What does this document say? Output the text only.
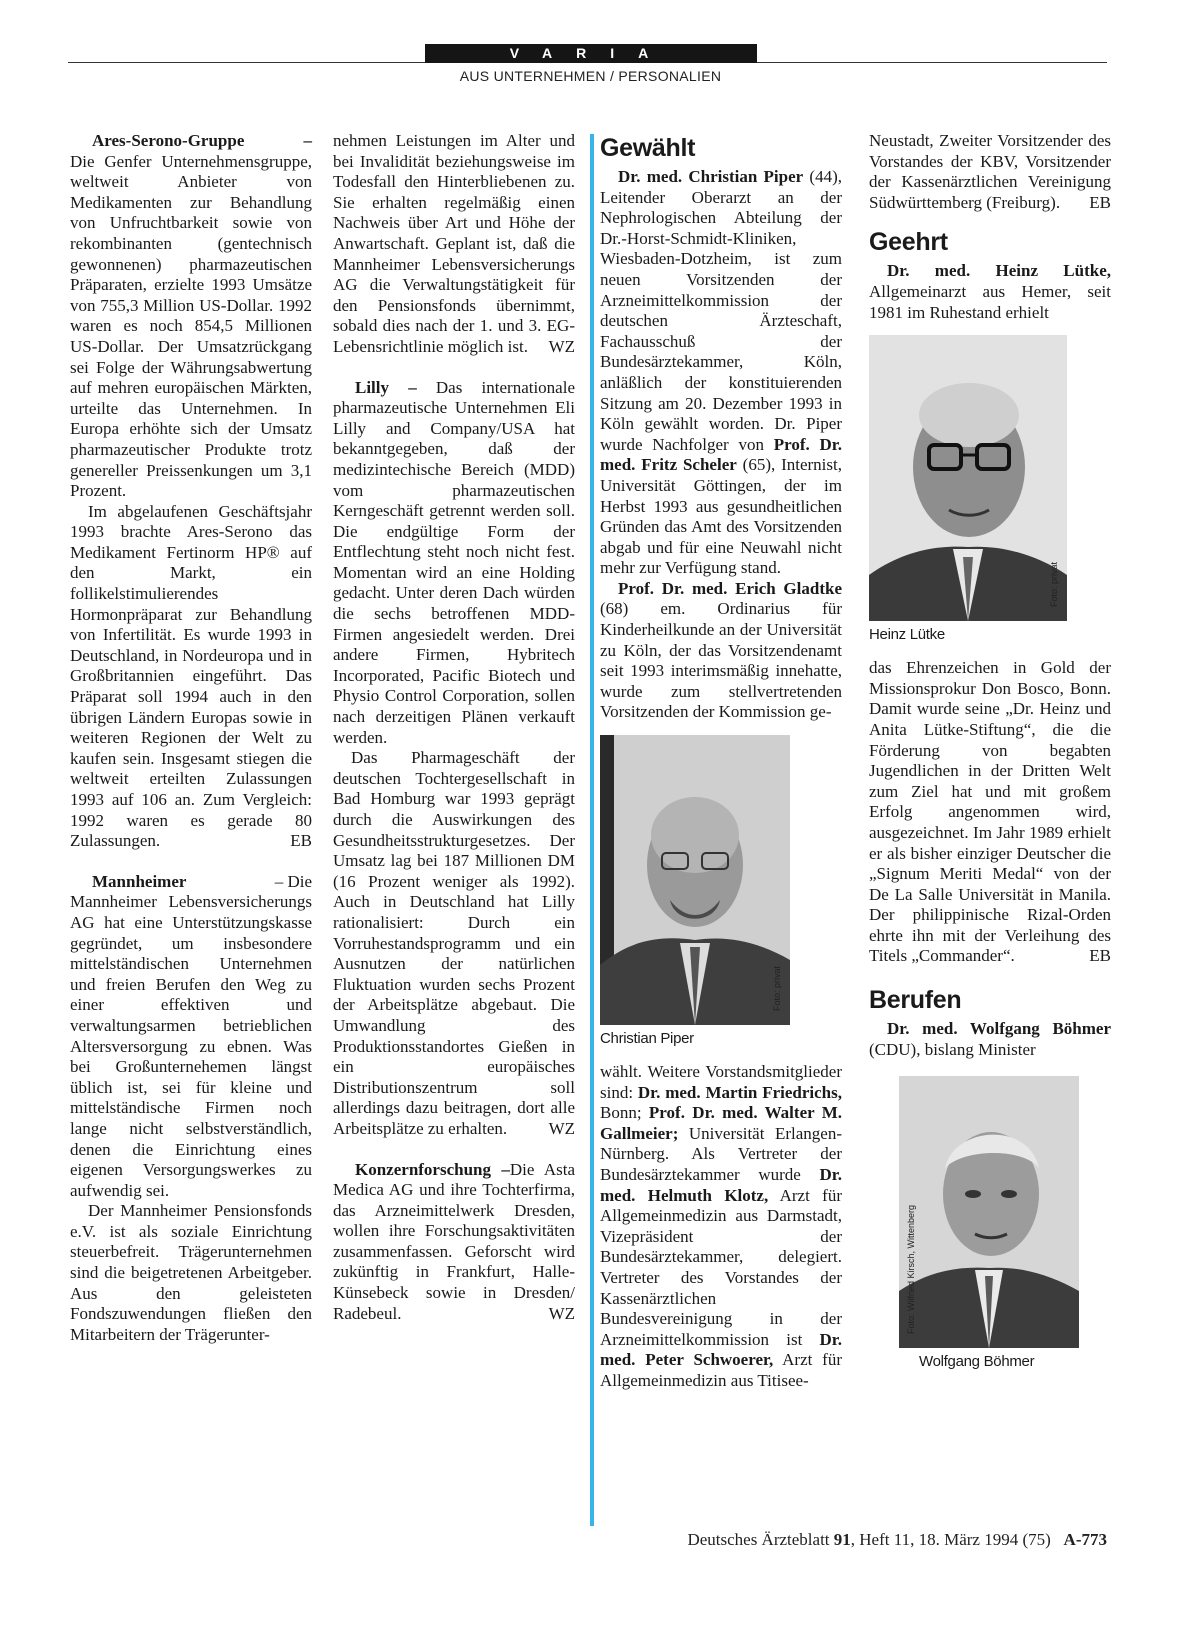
VARIA
AUS UNTERNEHMEN / PERSONALIEN

Ares-Serono-Gruppe	–

Die Genfer Unternehmensgruppe, weltweit Anbieter von Medikamenten zur Behandlung von Unfruchtbarkeit sowie von rekombinanten (gentechnisch gewonnenen) pharmazeutischen Präparaten, erzielte 1993 Umsätze von 755,3 Million US-Dollar. 1992 waren es noch 854,5 Millionen US-Dollar. Der Umsatzrückgang sei Folge der Währungsabwertung auf mehren europäischen Märkten, urteilte das Unternehmen. In Europa erhöhte sich der Umsatz pharmazeutischer Produkte trotz genereller Preissenkungen um 3,1 Prozent.

Im abgelaufenen Geschäftsjahr 1993 brachte Ares-Serono das Medikament Fertinorm HP® auf den Markt, ein follikelstimulierendes Hormonpräparat zur Behandlung von Infertilität. Es wurde 1993 in Deutschland, in Nordeuropa und in Großbritannien eingeführt. Das Präparat soll 1994 auch in den übrigen Ländern Europas sowie in weiteren Regionen der Welt zu kaufen sein. Insgesamt stiegen die weltweit erteilten Zulassungen 1993 auf 106 an. Zum Vergleich: 1992 waren es gerade 80 Zulassungen.	EB

Mannheimer	– Die

Mannheimer Lebensversicherungs AG hat eine Unterstützungskasse gegründet, um insbesondere mittelständischen Unternehmen und freien Berufen den Weg zu einer effektiven und verwaltungsarmen betrieblichen Altersversorgung zu ebnen. Was bei Großunternehemen längst üblich ist, sei für kleine und mittelständische Firmen noch lange nicht selbstverständlich, denen die Einrichtung eines eigenen Versorgungswerkes zu aufwendig sei.

Der Mannheimer Pensionsfonds e.V. ist als soziale Einrichtung steuerbefreit. Trägerunternehmen sind die beigetretenen Arbeitgeber. Aus den geleisteten Fondszuwendungen fließen den Mitarbeitern der Trägerunter-

nehmen Leistungen im Alter und bei Invalidität beziehungsweise im Todesfall den Hinterbliebenen zu. Sie erhalten regelmäßig einen Nachweis über Art und Höhe der Anwartschaft. Geplant ist, daß die Mannheimer Lebensversicherungs AG die Verwaltungstätigkeit für den Pensionsfonds übernimmt, sobald dies nach der 1. und 3. EG-Lebensrichtlinie möglich ist. WZ

Lilly – Das internationale pharmazeutische Unternehmen Eli Lilly and Company/USA hat bekanntgegeben, daß der medizintechische Bereich (MDD) vom pharmazeutischen Kerngeschäft getrennt werden soll. Die endgültige Form der Entflechtung steht noch nicht fest. Momentan wird an eine Holding gedacht. Unter deren Dach würden die sechs betroffenen MDD-Firmen angesiedelt werden. Drei andere Firmen, Hybritech Incorporated, Pacific Biotech und Physio Control Corporation, sollen nach derzeitigen Plänen verkauft werden.

Das Pharmageschäft der deutschen Tochtergesellschaft in Bad Homburg war 1993 geprägt durch die Auswirkungen des Gesundheitsstrukturgesetzes. Der Umsatz lag bei 187 Millionen DM (16 Prozent weniger als 1992). Auch in Deutschland hat Lilly rationalisiert: Durch ein Vorruhestandsprogramm und ein Ausnutzen der natürlichen Fluktuation wurden sechs Prozent der Arbeitsplätze abgebaut. Die Umwandlung des Produktionsstandortes Gießen in ein europäisches Distributionszentrum soll allerdings dazu beitragen, dort alle Arbeitsplätze zu erhalten.	WZ

Konzernforschung –Die Asta Medica AG und ihre Tochterfirma, das Arzneimittelwerk Dresden, wollen ihre Forschungsaktivitäten zusammenfassen. Geforscht wird zukünftig in Frankfurt, Halle-Künsebeck sowie in Dresden/ Radebeul.	WZ

Gewählt

Dr. med. Christian Piper (44), Leitender Oberarzt an der Nephrologischen Abteilung der Dr.-Horst-Schmidt-Kliniken, Wiesbaden-Dotzheim, ist zum neuen Vorsitzenden der Arzneimittelkommission der deutschen Ärzteschaft, Fachausschuß der Bundesärztekammer, Köln, anläßlich der konstituierenden Sitzung am 20. Dezember 1993 in Köln gewählt worden. Dr. Piper wurde Nachfolger von Prof. Dr. med. Fritz Scheler (65), Internist, Universität Göttingen, der im Herbst 1993 aus gesundheitlichen Gründen das Amt des Vorsitzenden abgab und für eine Neuwahl nicht mehr zur Verfügung stand.

Prof. Dr. med. Erich Gladtke (68) em. Ordinarius für Kinderheilkunde an der Universität zu Köln, der das Vorsitzendenamt seit 1993 interimsmäßig innehatte, wurde zum stellvertretenden Vorsitzenden der Kommission ge-

Foto: privat
Christian Piper

wählt. Weitere Vorstandsmitglieder sind: Dr. med. Martin Friedrichs, Bonn; Prof. Dr. med. Walter M. Gallmeier; Universität Erlangen-Nürnberg. Als Vertreter der Bundesärztekammer wurde Dr. med. Helmuth Klotz, Arzt für Allgemeinmedizin aus Darmstadt, Vizepräsident der Bundesärztekammer, delegiert. Vertreter des Vorstandes der Kassenärztlichen Bundesvereinigung in der Arzneimittelkommission ist Dr. med. Peter Schwoerer, Arzt für Allgemeinmedizin aus Titisee-

Neustadt, Zweiter Vorsitzender des Vorstandes der KBV, Vorsitzender der Kassenärztlichen Vereinigung Südwürttemberg (Freiburg). EB

Geehrt

Dr. med. Heinz Lütke, Allgemeinarzt aus Hemer, seit 1981 im Ruhestand erhielt

Foto: privat
Heinz Lütke

das Ehrenzeichen in Gold der Missionsprokur Don Bosco, Bonn. Damit wurde seine „Dr. Heinz und Anita Lütke-Stiftung“, die die Förderung von begabten Jugendlichen in der Dritten Welt zum Ziel hat und mit großem Erfolg angenommen wird, ausgezeichnet. Im Jahr 1989 erhielt er als bisher einziger Deutscher die „Signum Meriti Medal“ von der De La Salle Universität in Manila. Der philippinische Rizal-Orden ehrte ihn mit der Verleihung des Titels „Commander“.	EB

Berufen

Dr. med. Wolfgang Böhmer (CDU), bislang Minister

Foto: Wilfried Kirsch, Wittenberg
Wolfgang Böhmer
Deutsches Ärzteblatt 91, Heft 11, 18. März 1994 (75) A-773
